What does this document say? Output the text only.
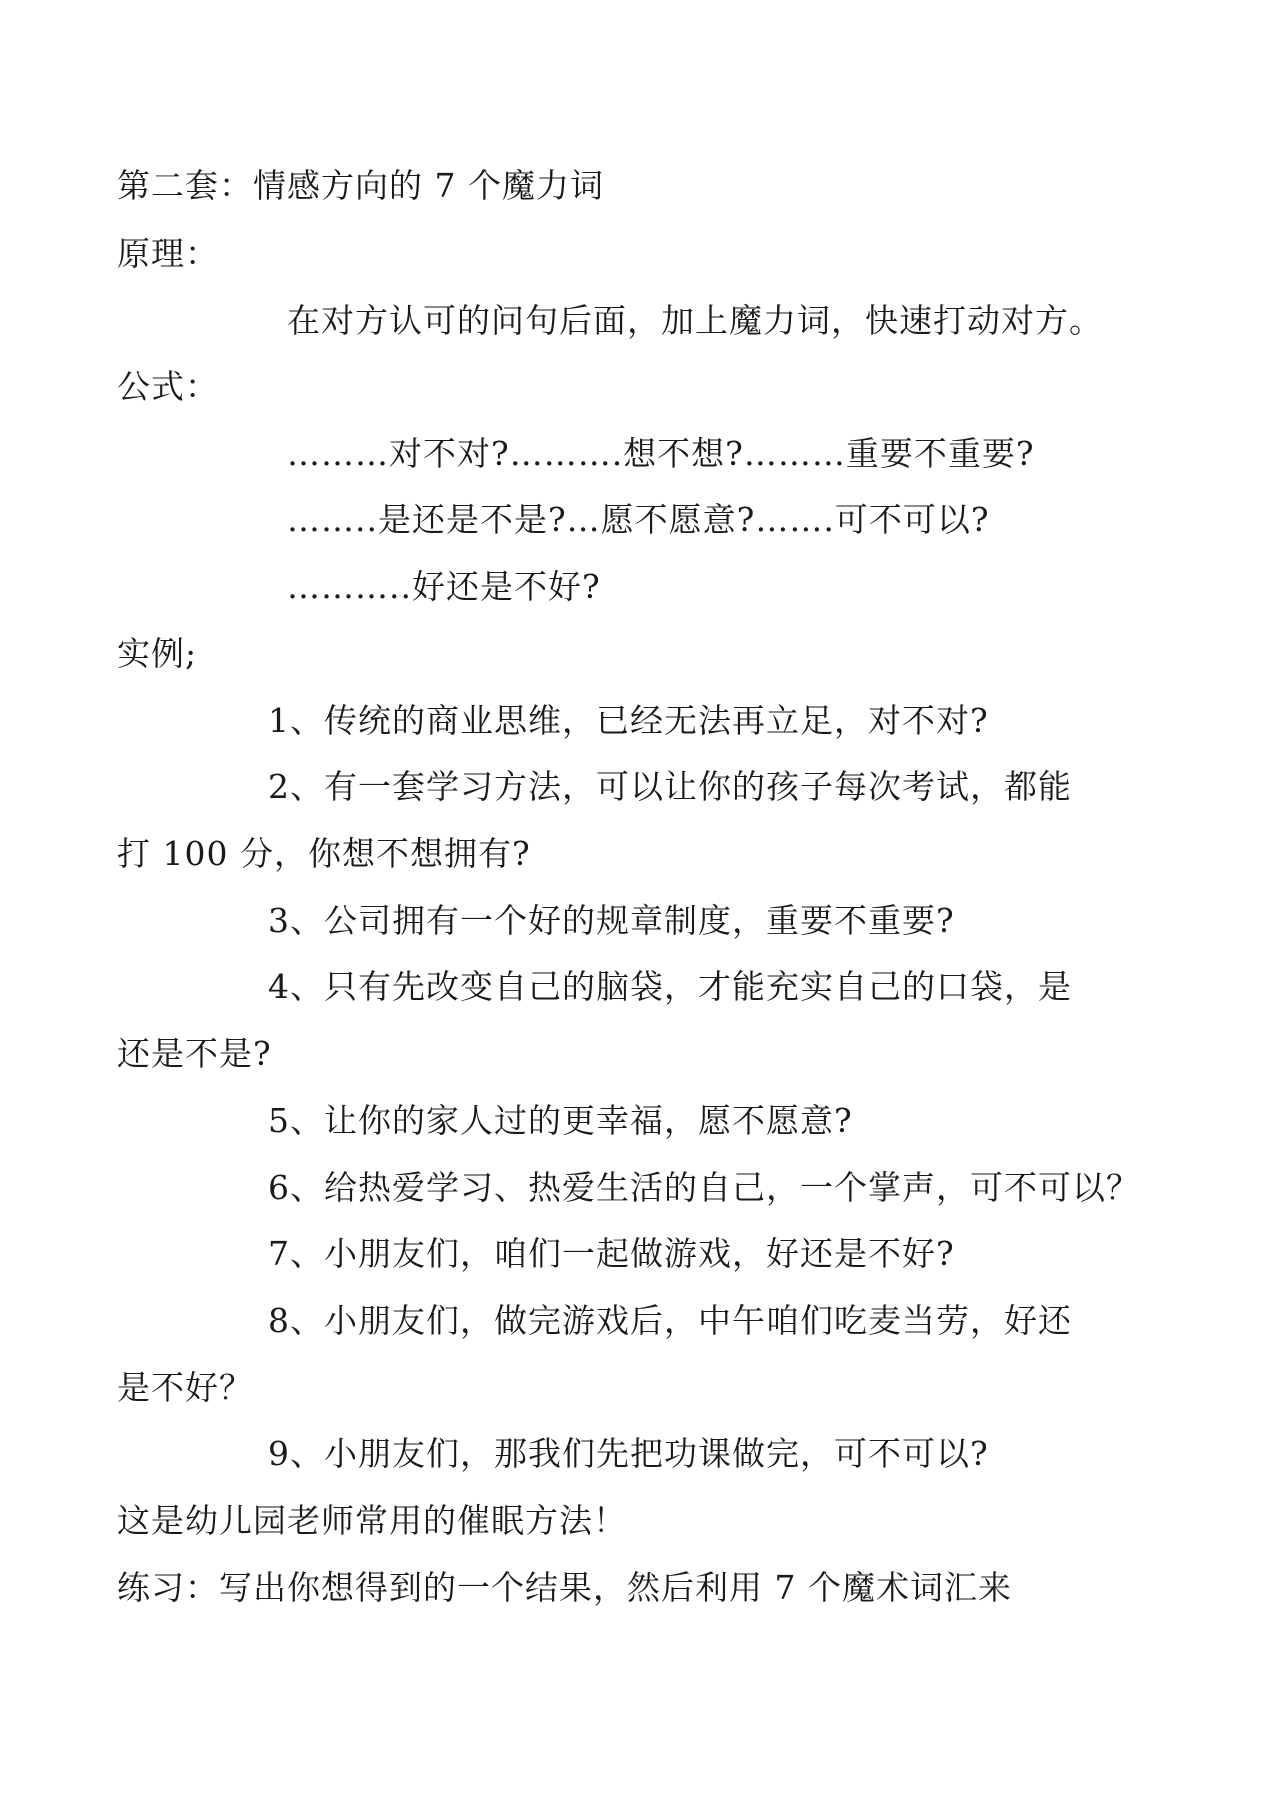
第二套：情感方向的 7 个魔力词
原理：
在对方认可的问句后面，加上魔力词，快速打动对方。
公式：
………对不对?……….想不想?………重要不重要?
……..是还是不是?…愿不愿意?…….可不可以?
………..好还是不好?
实例;
1、传统的商业思维，已经无法再立足，对不对?
2、有一套学习方法，可以让你的孩子每次考试，都能
打 100 分，你想不想拥有?
3、公司拥有一个好的规章制度，重要不重要?
4、只有先改变自己的脑袋，才能充实自己的口袋，是
还是不是?
5、让你的家人过的更幸福，愿不愿意?
6、给热爱学习、热爱生活的自己，一个掌声，可不可以？
7、小朋友们，咱们一起做游戏，好还是不好?
8、小朋友们，做完游戏后，中午咱们吃麦当劳，好还
是不好？
9、小朋友们，那我们先把功课做完，可不可以?
这是幼儿园老师常用的催眠方法！
练习：写出你想得到的一个结果，然后利用 7 个魔术词汇来
